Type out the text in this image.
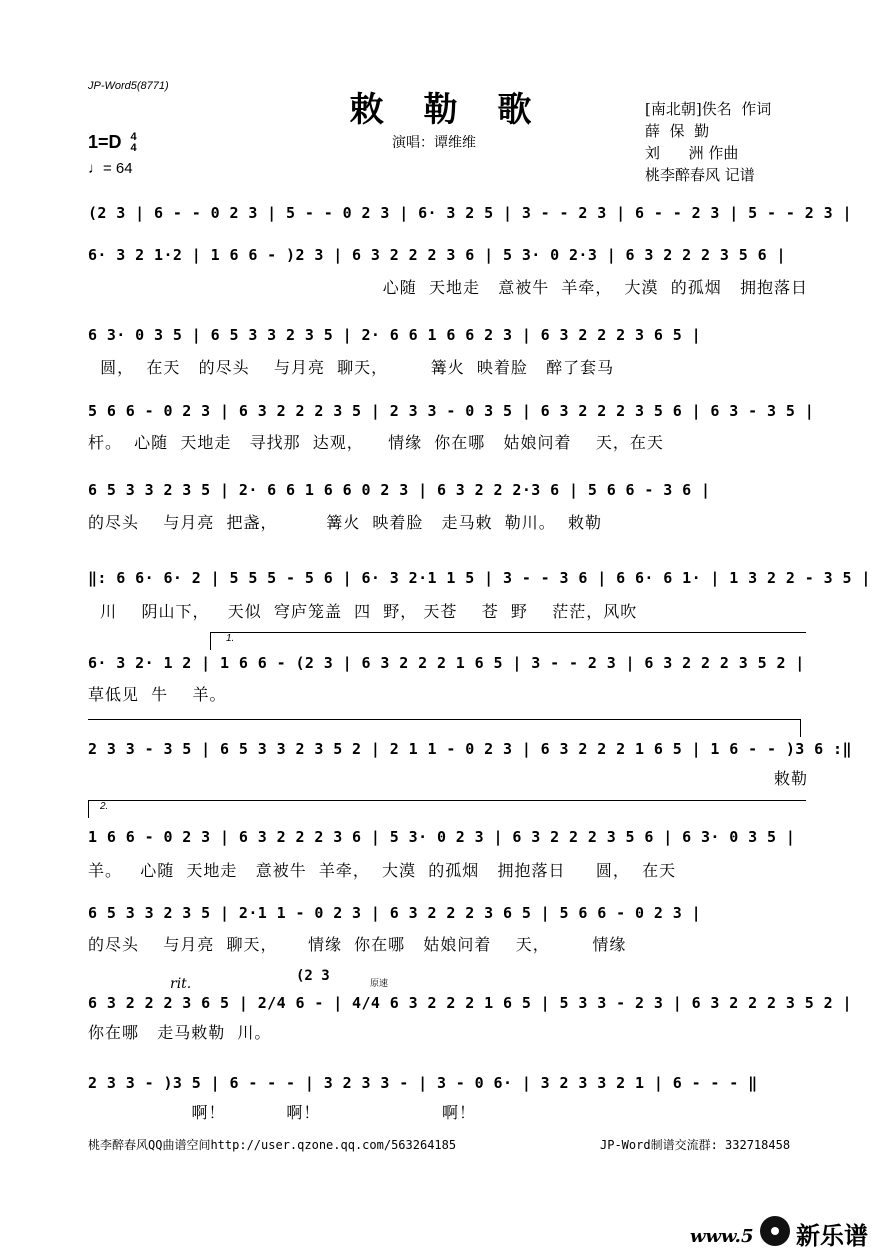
JP-Word5(8771)
敕 勒 歌
演唱：谭维维
[南北朝]佚名  作词
薛  保  勤
刘      洲 作曲
桃李醉春风 记谱
1=D 4
4
♩= 64
(2 3 | 6 - - 0 2 3 | 5 - - 0 2 3 | 6· 3 2 5 | 3 - - 2 3 | 6 - - 2 3 | 5 - - 2 3 |
6· 3 2 1·2 | 1 6 6 - )2 3 | 6 3 2 2 2 3 6 | 5 3· 0 2·3 | 6 3 2 2 2 3 5 6 |
心随  天地走   意被牛  羊牵，  大漠  的孤烟   拥抱落日
6 3· 0 3 5 | 6 5 3 3 2 3 5 | 2· 6 6 1 6 6 2 3 | 6 3 2 2 2 3 6 5 |
圆，  在天   的尽头    与月亮  聊天，       篝火  映着脸   醉了套马
5 6 6 - 0 2 3 | 6 3 2 2 2 3 5 | 2 3 3 - 0 3 5 | 6 3 2 2 2 3 5 6 | 6 3 - 3 5 |
杆。  心随  天地走   寻找那  达观，    情缘  你在哪   姑娘问着    天，在天
6 5 3 3 2 3 5 | 2· 6 6 1 6 6 0 2 3 | 6 3 2 2 2·3 6 | 5 6 6 - 3 6 |
的尽头    与月亮  把盏，        篝火  映着脸   走马敕  勒川。  敕勒
‖: 6 6· 6· 2 | 5 5 5 - 5 6 | 6· 3 2·1 1 5 | 3 - - 3 6 | 6 6· 6 1· | 1 3 2 2 - 3 5 |
川    阴山下，   天似  穹庐笼盖  四  野， 天苍    苍  野    茫茫，风吹
1.
6· 3 2· 1 2 | 1 6 6 - (2 3 | 6 3 2 2 2 1 6 5 | 3 - - 2 3 | 6 3 2 2 2 3 5 2 |
草低见  牛    羊。
2 3 3 - 3 5 | 6 5 3 3 2 3 5 2 | 2 1 1 - 0 2 3 | 6 3 2 2 2 1 6 5 | 1 6 - - )3 6 :‖
敕勒
2.
1 6 6 - 0 2 3 | 6 3 2 2 2 3 6 | 5 3· 0 2 3 | 6 3 2 2 2 3 5 6 | 6 3· 0 3 5 |
羊。   心随  天地走   意被牛  羊牵，  大漠  的孤烟   拥抱落日     圆，  在天
6 5 3 3 2 3 5 | 2·1 1 - 0 2 3 | 6 3 2 2 2 3 6 5 | 5 6 6 - 0 2 3 |
的尽头    与月亮  聊天，     情缘  你在哪   姑娘问着    天，       情缘
rit.	(2 3	原速
6 3 2 2 2 3 6 5 | 2/4 6 - | 4/4 6 3 2 2 2 1 6 5 | 5 3 3 - 2 3 | 6 3 2 2 2 3 5 2 |
你在哪   走马敕勒  川。
2 3 3 - )3 5 | 6 - - - | 3 2 3 3 - | 3 - 0 6· | 3 2 3 3 2 1 | 6 - - - ‖
啊！          啊！                    啊！
桃李醉春风QQ曲谱空间http://user.qzone.qq.com/563264185	JP-Word制谱交流群: 332718458
www.5 新乐谱
